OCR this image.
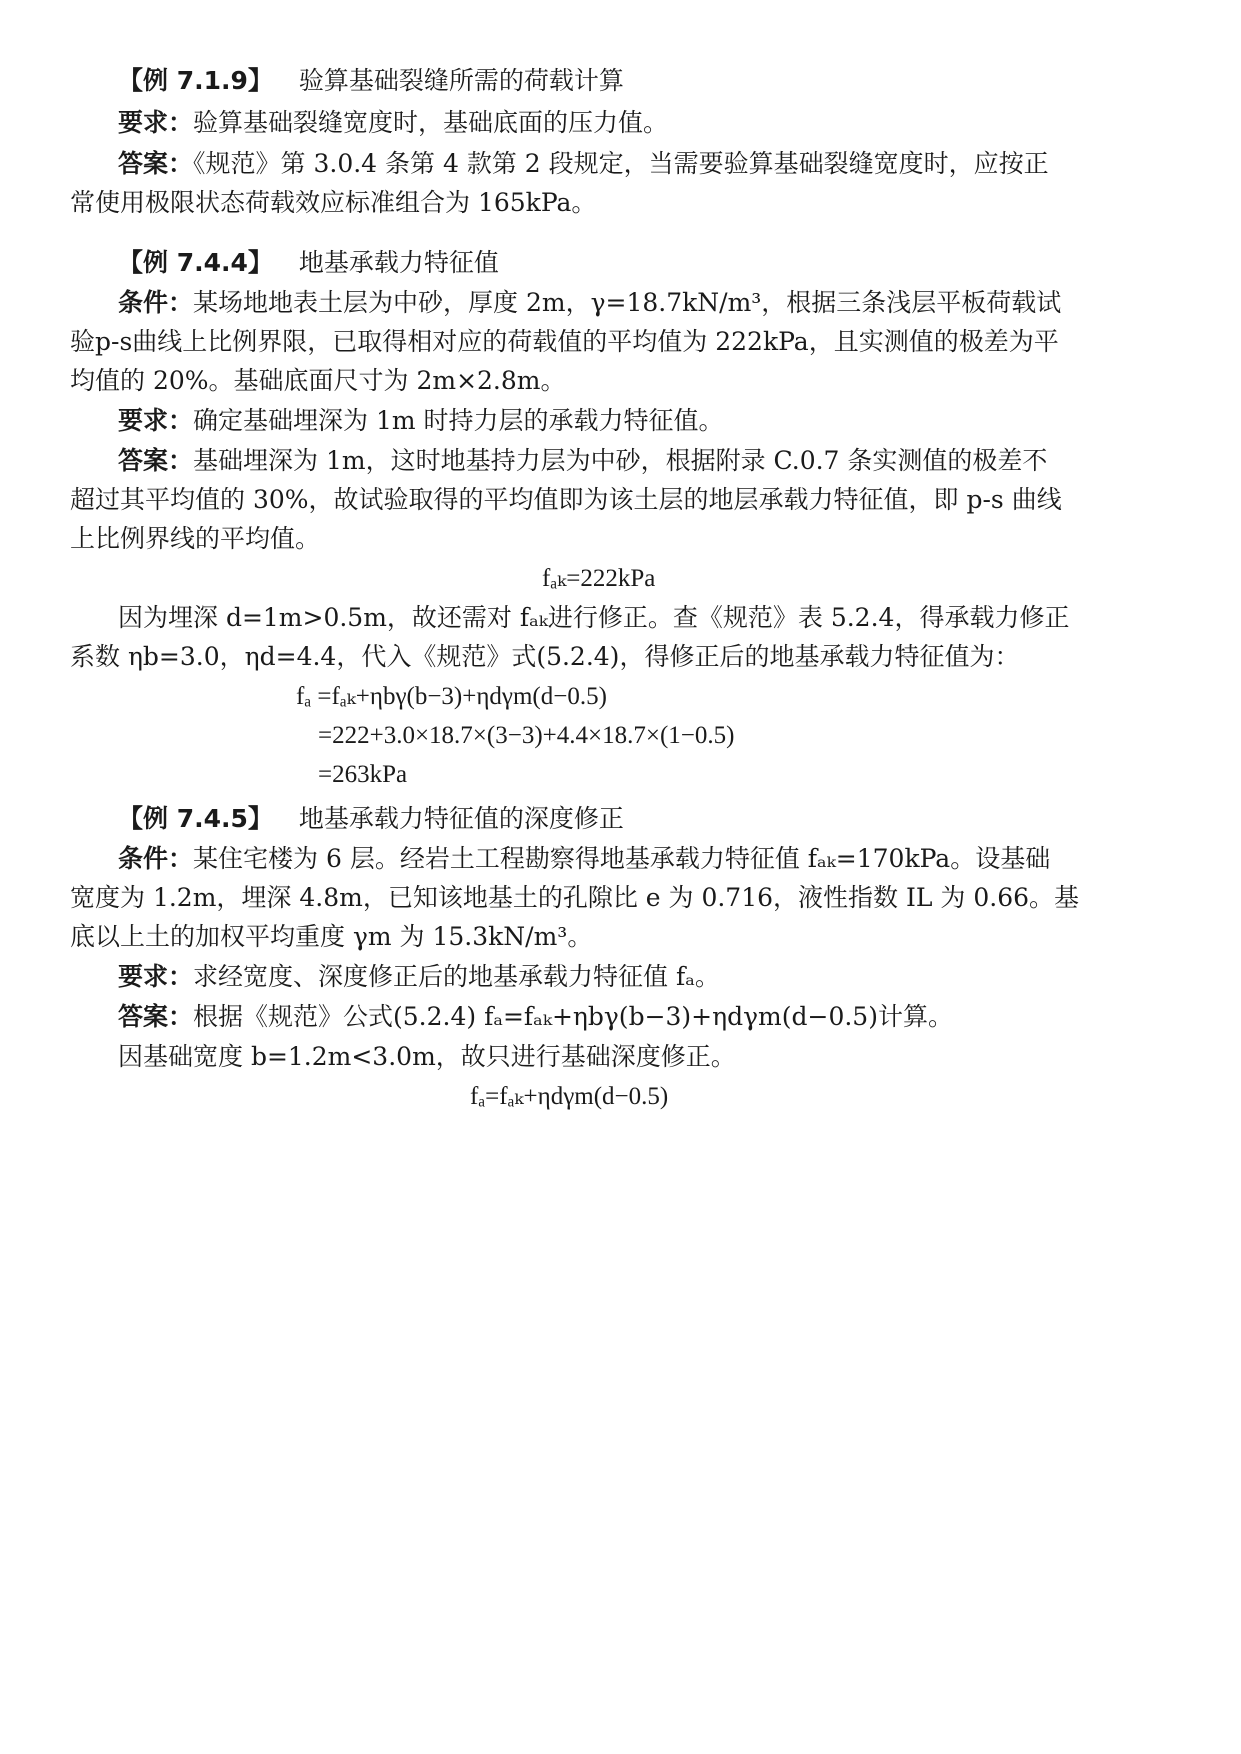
【例 7.1.9】 验算基础裂缝所需的荷载计算
要求：验算基础裂缝宽度时，基础底面的压力值。
答案：《规范》第 3.0.4 条第 4 款第 2 段规定，当需要验算基础裂缝宽度时，应按正
常使用极限状态荷载效应标准组合为 165kPa。
【例 7.4.4】 地基承载力特征值
条件：某场地地表土层为中砂，厚度 2m，γ=18.7kN/m³，根据三条浅层平板荷载试
验p-s曲线上比例界限，已取得相对应的荷载值的平均值为 222kPa，且实测值的极差为平
均值的 20%。基础底面尺寸为 2m×2.8m。
要求：确定基础埋深为 1m 时持力层的承载力特征值。
答案：基础埋深为 1m，这时地基持力层为中砂，根据附录 C.0.7 条实测值的极差不
超过其平均值的 30%，故试验取得的平均值即为该土层的地层承载力特征值，即 p-s 曲线
上比例界线的平均值。
fₐₖ=222kPa
因为埋深 d=1m>0.5m，故还需对 fₐₖ进行修正。查《规范》表 5.2.4，得承载力修正
系数 ηb=3.0，ηd=4.4，代入《规范》式(5.2.4)，得修正后的地基承载力特征值为：
fₐ =fₐₖ+ηbγ(b−3)+ηdγm(d−0.5)
=222+3.0×18.7×(3−3)+4.4×18.7×(1−0.5)
=263kPa
【例 7.4.5】 地基承载力特征值的深度修正
条件：某住宅楼为 6 层。经岩土工程勘察得地基承载力特征值 fₐₖ=170kPa。设基础
宽度为 1.2m，埋深 4.8m，已知该地基土的孔隙比 e 为 0.716，液性指数 IL 为 0.66。基
底以上土的加权平均重度 γm 为 15.3kN/m³。
要求：求经宽度、深度修正后的地基承载力特征值 fₐ。
答案：根据《规范》公式(5.2.4) fₐ=fₐₖ+ηbγ(b−3)+ηdγm(d−0.5)计算。
因基础宽度 b=1.2m<3.0m，故只进行基础深度修正。
fₐ=fₐₖ+ηdγm(d−0.5)
